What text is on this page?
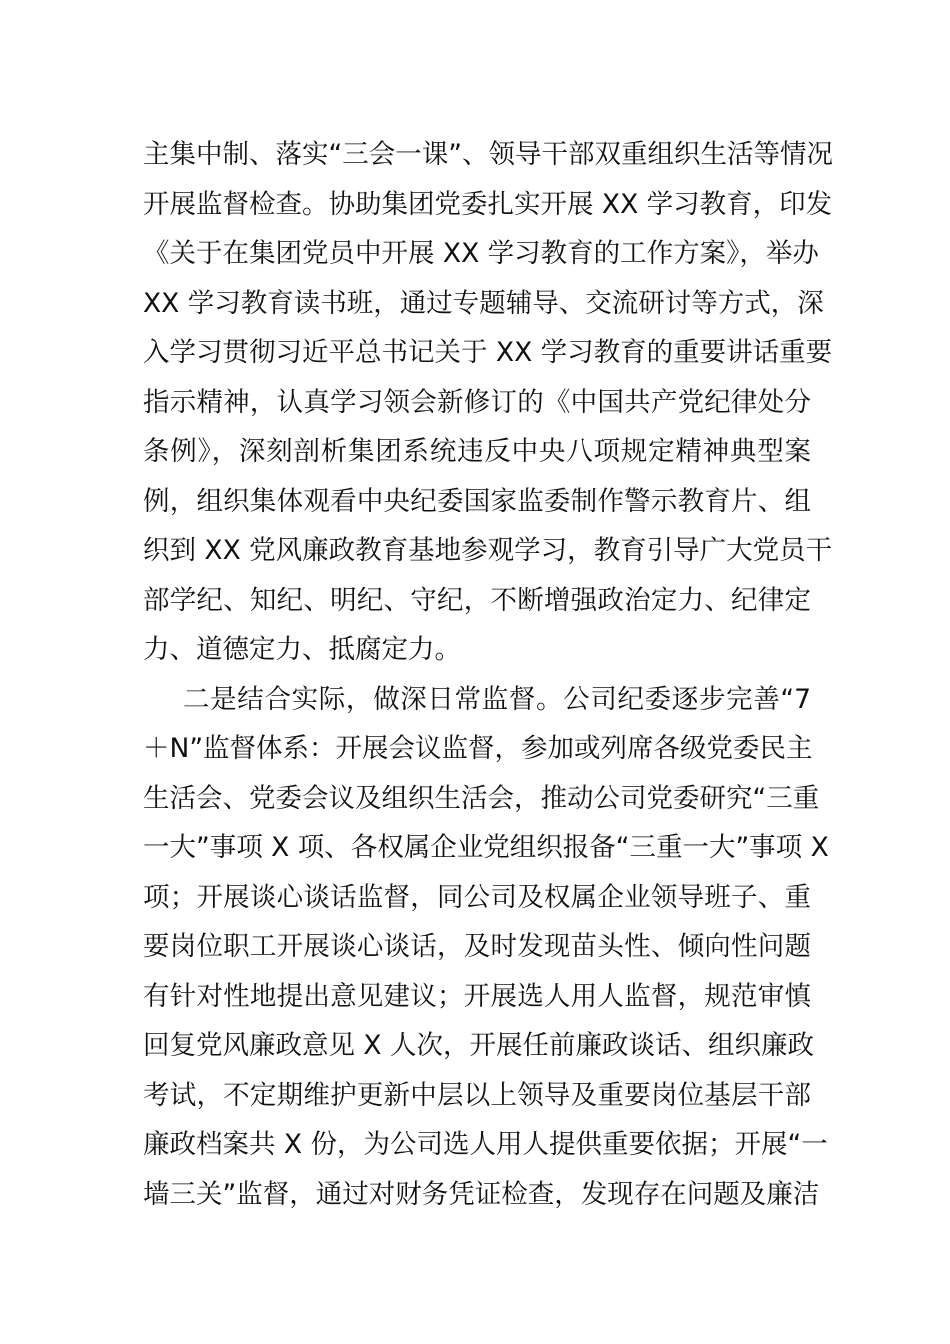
主集中制、落实“三会一课”、领导干部双重组织生活等情况
开展监督检查。协助集团党委扎实开展 XX 学习教育，印发
《关于在集团党员中开展 XX 学习教育的工作方案》，举办
XX 学习教育读书班，通过专题辅导、交流研讨等方式，深
入学习贯彻习近平总书记关于 XX 学习教育的重要讲话重要
指示精神，认真学习领会新修订的《中国共产党纪律处分
条例》，深刻剖析集团系统违反中央八项规定精神典型案
例，组织集体观看中央纪委国家监委制作警示教育片、组
织到 XX 党风廉政教育基地参观学习，教育引导广大党员干
部学纪、知纪、明纪、守纪，不断增强政治定力、纪律定
力、道德定力、抵腐定力。
二是结合实际，做深日常监督。公司纪委逐步完善“7
＋N”监督体系：开展会议监督，参加或列席各级党委民主
生活会、党委会议及组织生活会，推动公司党委研究“三重
一大”事项 X 项、各权属企业党组织报备“三重一大”事项 X
项；开展谈心谈话监督，同公司及权属企业领导班子、重
要岗位职工开展谈心谈话，及时发现苗头性、倾向性问题
有针对性地提出意见建议；开展选人用人监督，规范审慎
回复党风廉政意见 X 人次，开展任前廉政谈话、组织廉政
考试，不定期维护更新中层以上领导及重要岗位基层干部
廉政档案共 X 份，为公司选人用人提供重要依据；开展“一
墙三关”监督，通过对财务凭证检查，发现存在问题及廉洁
